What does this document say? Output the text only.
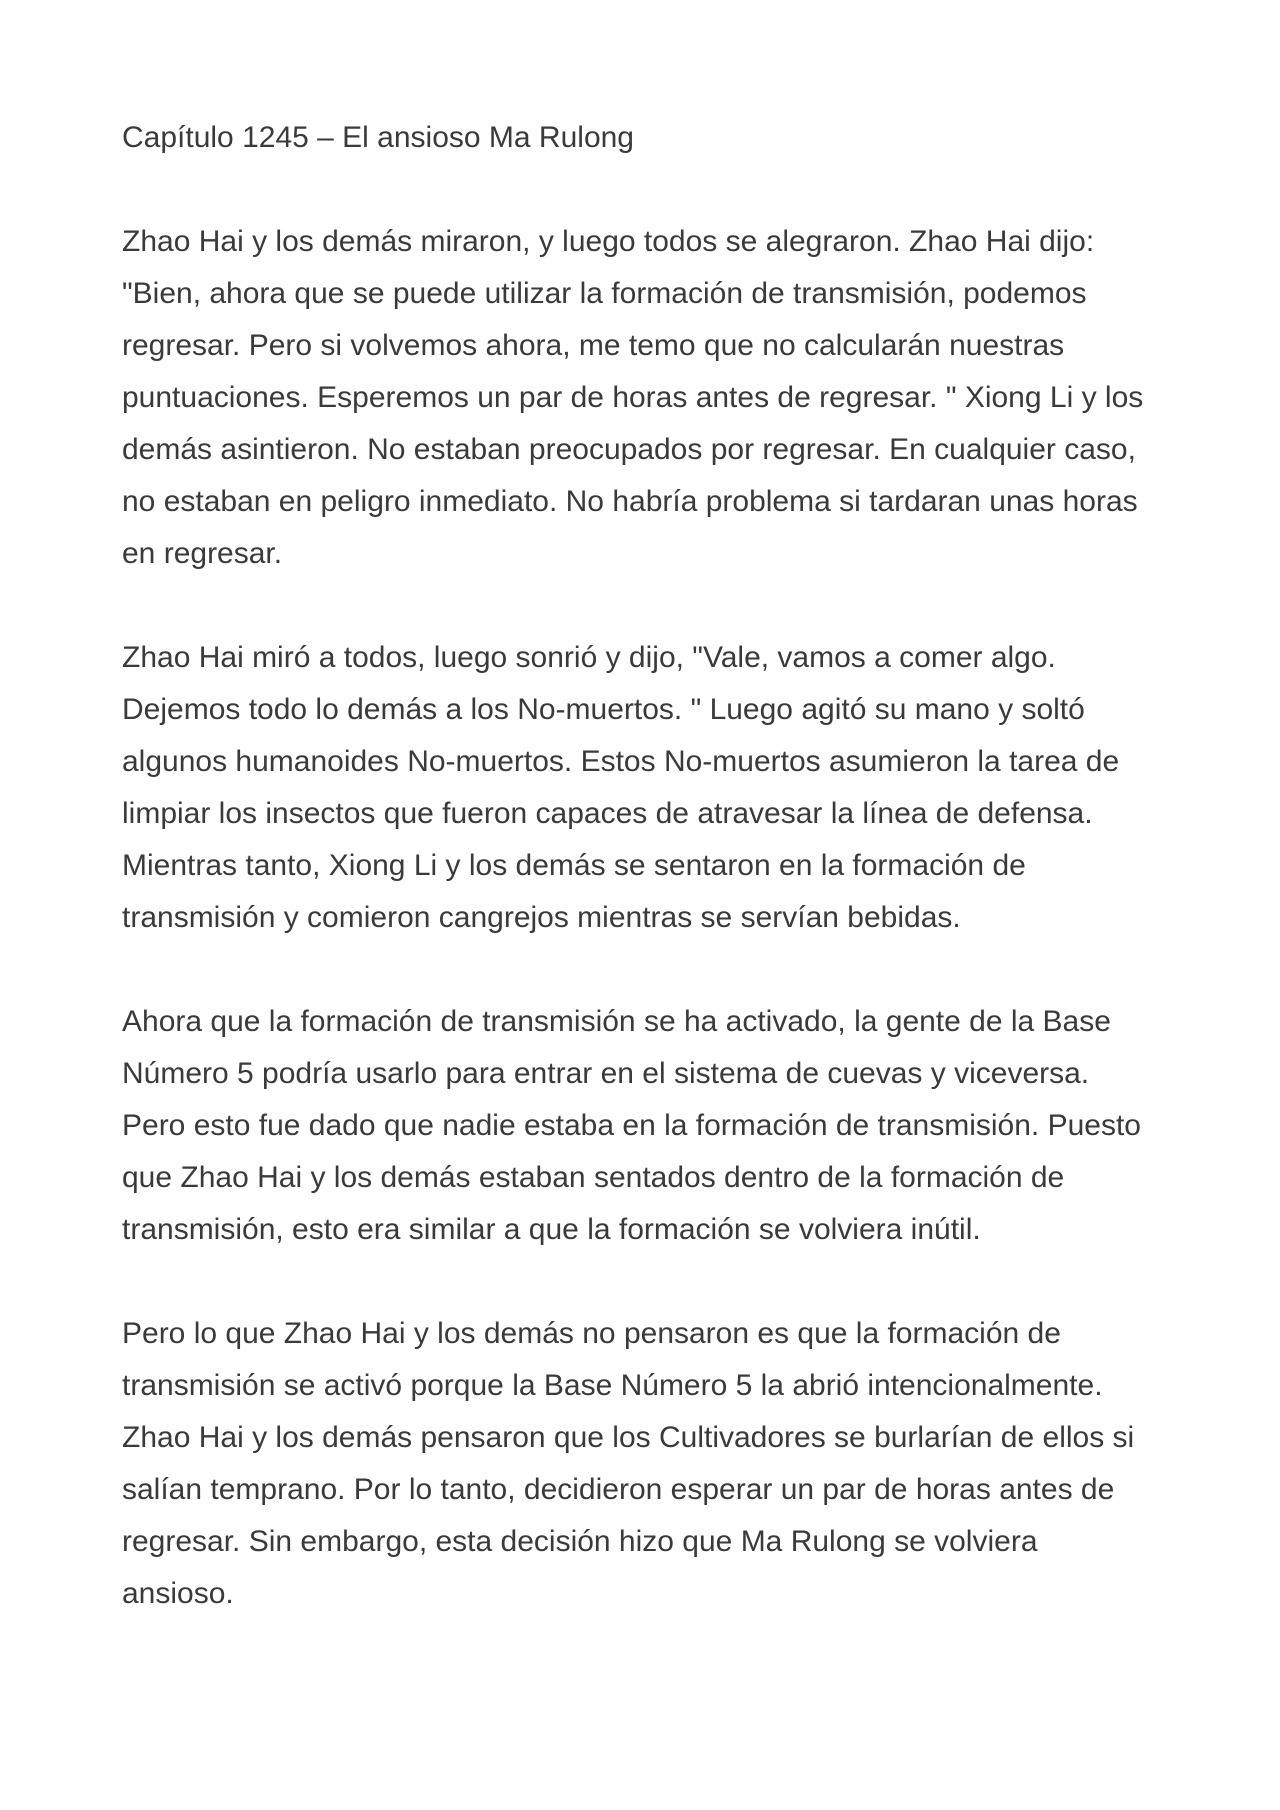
Capítulo 1245 – El ansioso Ma Rulong
Zhao Hai y los demás miraron, y luego todos se alegraron. Zhao Hai dijo:
"Bien, ahora que se puede utilizar la formación de transmisión, podemos
regresar. Pero si volvemos ahora, me temo que no calcularán nuestras
puntuaciones. Esperemos un par de horas antes de regresar. " Xiong Li y los
demás asintieron. No estaban preocupados por regresar. En cualquier caso,
no estaban en peligro inmediato. No habría problema si tardaran unas horas
en regresar.
Zhao Hai miró a todos, luego sonrió y dijo, "Vale, vamos a comer algo.
Dejemos todo lo demás a los No-muertos. " Luego agitó su mano y soltó
algunos humanoides No-muertos. Estos No-muertos asumieron la tarea de
limpiar los insectos que fueron capaces de atravesar la línea de defensa.
Mientras tanto, Xiong Li y los demás se sentaron en la formación de
transmisión y comieron cangrejos mientras se servían bebidas.
Ahora que la formación de transmisión se ha activado, la gente de la Base
Número 5 podría usarlo para entrar en el sistema de cuevas y viceversa.
Pero esto fue dado que nadie estaba en la formación de transmisión. Puesto
que Zhao Hai y los demás estaban sentados dentro de la formación de
transmisión, esto era similar a que la formación se volviera inútil.
Pero lo que Zhao Hai y los demás no pensaron es que la formación de
transmisión se activó porque la Base Número 5 la abrió intencionalmente.
Zhao Hai y los demás pensaron que los Cultivadores se burlarían de ellos si
salían temprano. Por lo tanto, decidieron esperar un par de horas antes de
regresar. Sin embargo, esta decisión hizo que Ma Rulong se volviera
ansioso.
